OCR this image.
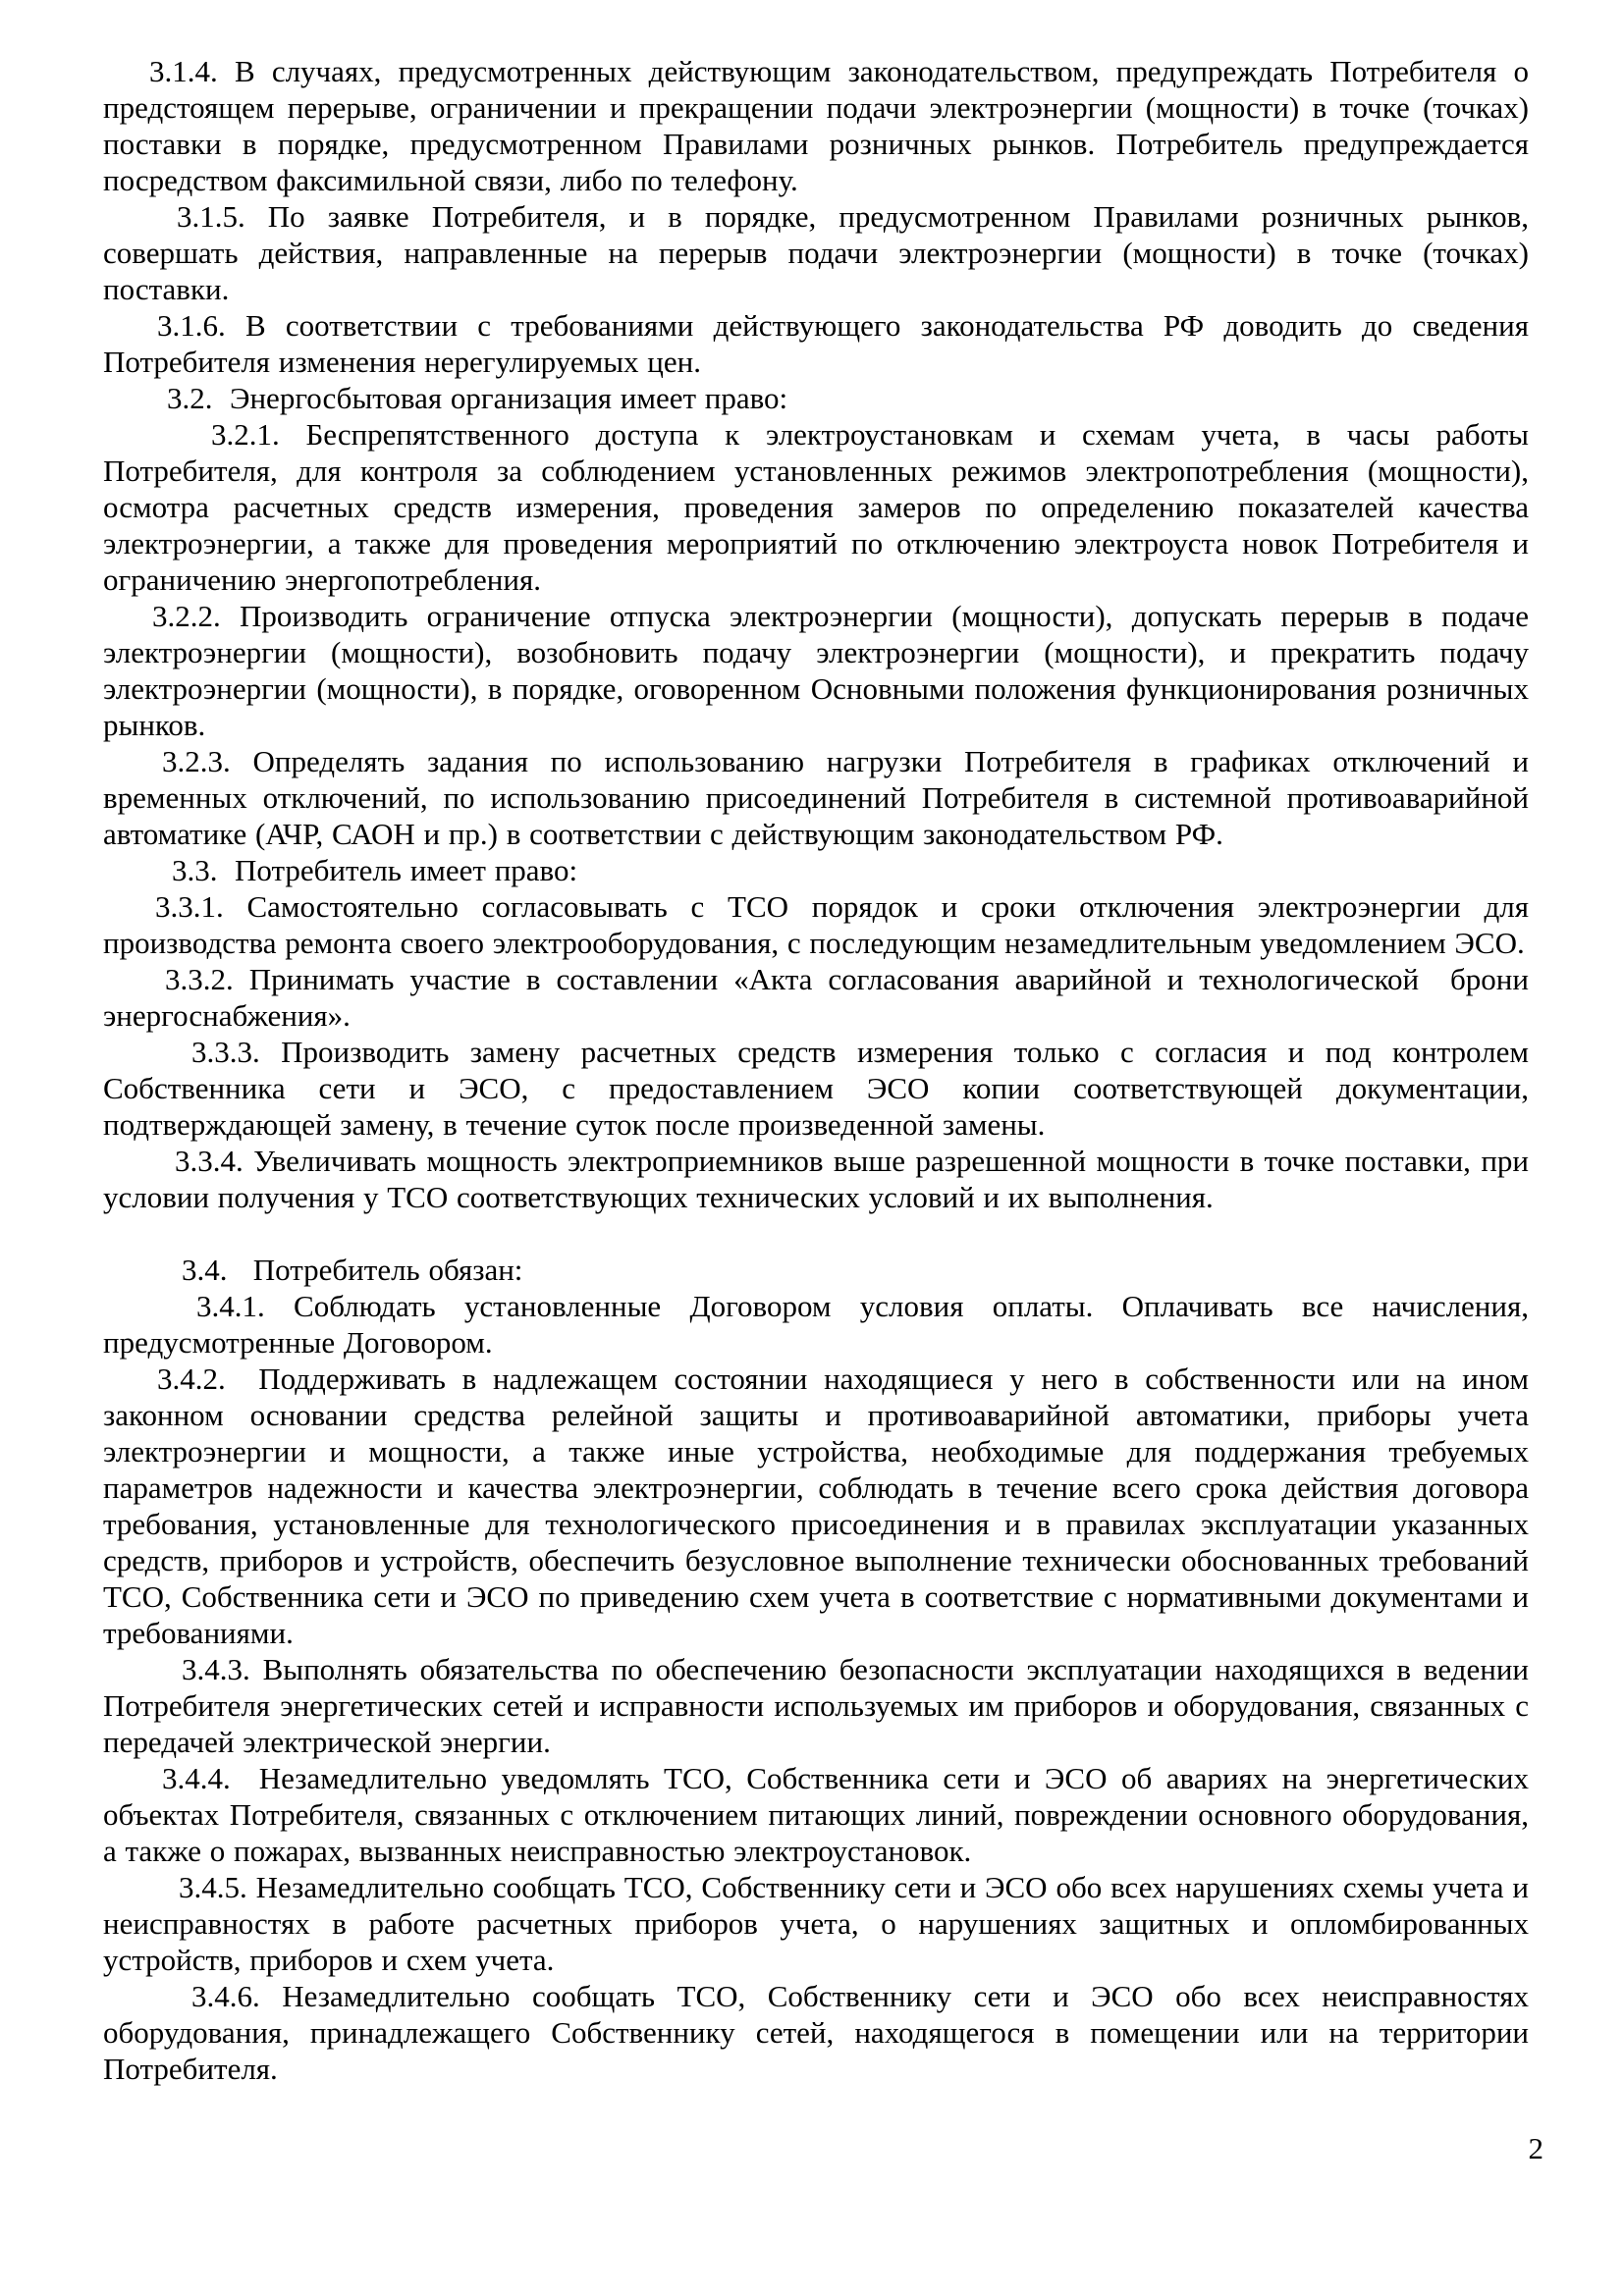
3.1.4. В случаях, предусмотренных действующим законодательством, предупреждать Потребителя о предстоящем перерыве, ограничении и прекращении подачи электроэнергии (мощности) в точке (точках) поставки в порядке, предусмотренном Правилами розничных рынков. Потребитель предупреждается посредством факсимильной связи, либо по телефону.

3.1.5. По заявке Потребителя, и в порядке, предусмотренном Правилами розничных рынков, совершать действия, направленные на перерыв подачи электроэнергии (мощности) в точке (точках) поставки.

3.1.6. В соответствии с требованиями действующего законодательства РФ доводить до сведения Потребителя изменения нерегулируемых цен.

3.2.  Энергосбытовая организация имеет право:

3.2.1. Беспрепятственного доступа к электроустановкам и схемам учета, в часы работы Потребителя, для контроля за соблюдением установленных режимов электропотребления (мощности), осмотра расчетных средств измерения, проведения замеров по определению показателей качества электроэнергии, а также для проведения мероприятий по отключению электроуста новок Потребителя и ограничению энергопотребления.

3.2.2. Производить ограничение отпуска электроэнергии (мощности), допускать перерыв в подаче электроэнергии (мощности), возобновить подачу электроэнергии (мощности), и прекратить подачу электроэнергии (мощности), в порядке, оговоренном Основными положения функционирования розничных рынков.

3.2.3. Определять задания по использованию нагрузки Потребителя в графиках отключений и временных отключений, по использованию присоединений Потребителя в системной противоаварийной автоматике (АЧР, САОН и пр.) в соответствии с действующим законодательством РФ.

3.3.  Потребитель имеет право:

3.3.1. Самостоятельно согласовывать с ТСО порядок и сроки отключения электроэнергии для производства ремонта своего электрооборудования, с последующим незамедлительным уведомлением ЭСО.

3.3.2. Принимать участие в составлении «Акта согласования аварийной и технологической  брони энергоснабжения».

3.3.3. Производить замену расчетных средств измерения только с согласия и под контролем Собственника сети и ЭСО, с предоставлением ЭСО копии соответствующей документации, подтверждающей замену, в течение суток после произведенной замены.

3.3.4. Увеличивать мощность электроприемников выше разрешенной мощности в точке поставки, при условии получения у ТСО соответствующих технических условий и их выполнения.

3.4.   Потребитель обязан:

3.4.1. Соблюдать установленные Договором условия оплаты. Оплачивать все начисления, предусмотренные Договором.

3.4.2.  Поддерживать в надлежащем состоянии находящиеся у него в собственности или на ином законном основании средства релейной защиты и противоаварийной автоматики, приборы учета электроэнергии и мощности, а также иные устройства, необходимые для поддержания требуемых параметров надежности и качества электроэнергии, соблюдать в течение всего срока действия договора требования, установленные для технологического присоединения и в правилах эксплуатации указанных средств, приборов и устройств, обеспечить безусловное выполнение технически обоснованных требований ТСО, Собственника сети и ЭСО по приведению схем учета в соответствие с нормативными документами и требованиями.

3.4.3. Выполнять обязательства по обеспечению безопасности эксплуатации находящихся в ведении Потребителя энергетических сетей и исправности используемых им приборов и оборудования, связанных с передачей электрической энергии.

3.4.4.  Незамедлительно уведомлять ТСО, Собственника сети и ЭСО об авариях на энергетических объектах Потребителя, связанных с отключением питающих линий, повреждении основного оборудования, а также о пожарах, вызванных неисправностью электроустановок.

3.4.5. Незамедлительно сообщать ТСО, Собственнику сети и ЭСО обо всех нарушениях схемы учета и неисправностях в работе расчетных приборов учета, о нарушениях защитных и опломбированных устройств, приборов и схем учета.

3.4.6. Незамедлительно сообщать ТСО, Собственнику сети и ЭСО обо всех неисправностях оборудования, принадлежащего Собственнику сетей, находящегося в помещении или на территории Потребителя.

2
